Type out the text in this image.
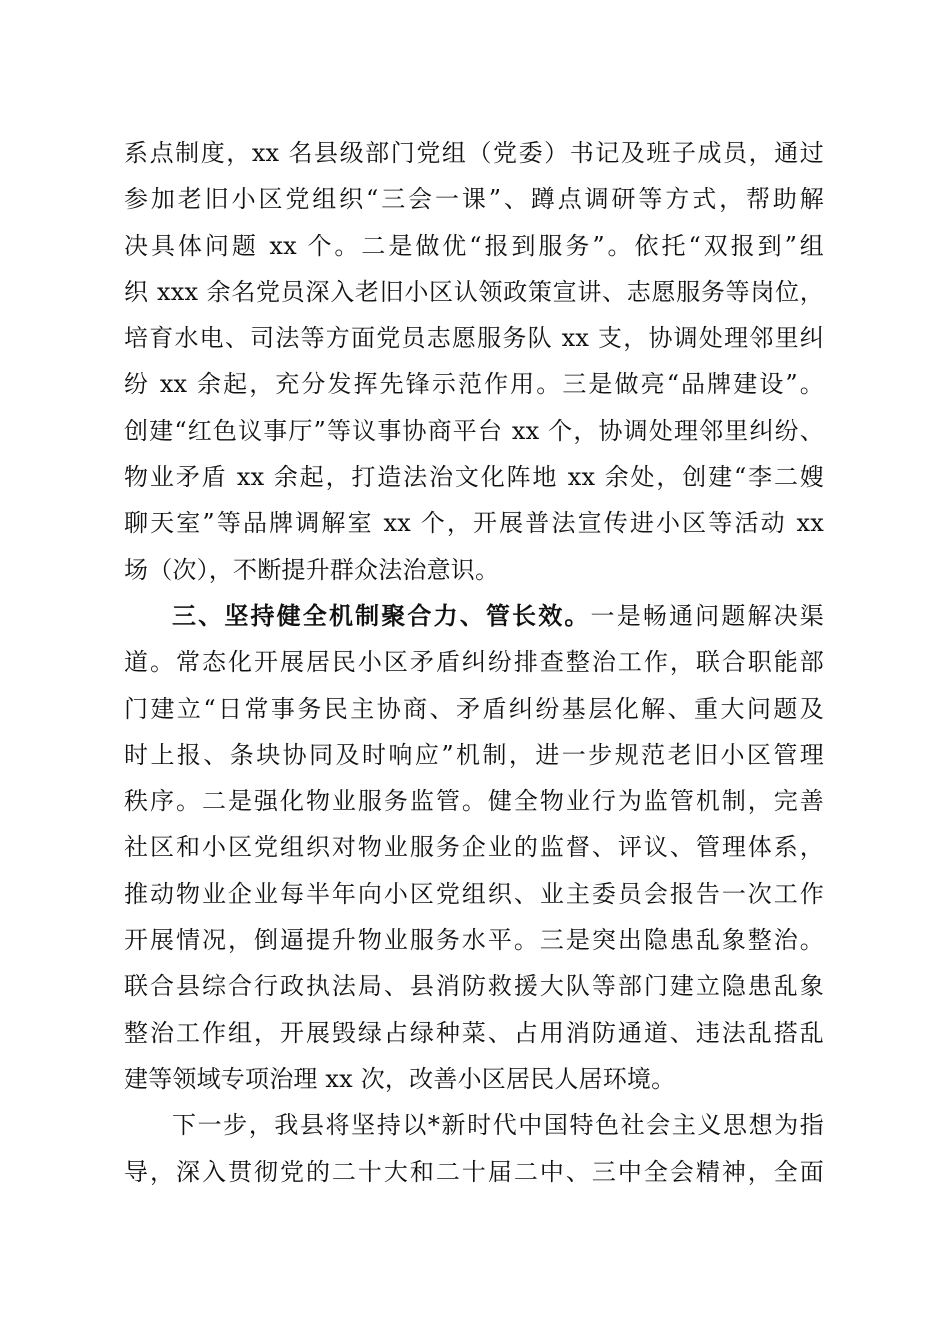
系点制度，xx 名县级部门党组（党委）书记及班子成员，通过
参加老旧小区党组织“三会一课”、蹲点调研等方式，帮助解
决具体问题 xx 个。二是做优“报到服务”。依托“双报到”组
织 xxx 余名党员深入老旧小区认领政策宣讲、志愿服务等岗位，
培育水电、司法等方面党员志愿服务队 xx 支，协调处理邻里纠
纷 xx 余起，充分发挥先锋示范作用。三是做亮“品牌建设”。
创建“红色议事厅”等议事协商平台 xx 个，协调处理邻里纠纷、
物业矛盾 xx 余起，打造法治文化阵地 xx 余处，创建“李二嫂
聊天室”等品牌调解室 xx 个，开展普法宣传进小区等活动 xx
场（次），不断提升群众法治意识。
三、坚持健全机制聚合力、管长效。一是畅通问题解决渠
道。常态化开展居民小区矛盾纠纷排查整治工作，联合职能部
门建立“日常事务民主协商、矛盾纠纷基层化解、重大问题及
时上报、条块协同及时响应”机制，进一步规范老旧小区管理
秩序。二是强化物业服务监管。健全物业行为监管机制，完善
社区和小区党组织对物业服务企业的监督、评议、管理体系，
推动物业企业每半年向小区党组织、业主委员会报告一次工作
开展情况，倒逼提升物业服务水平。三是突出隐患乱象整治。
联合县综合行政执法局、县消防救援大队等部门建立隐患乱象
整治工作组，开展毁绿占绿种菜、占用消防通道、违法乱搭乱
建等领域专项治理 xx 次，改善小区居民人居环境。
下一步，我县将坚持以*新时代中国特色社会主义思想为指
导，深入贯彻党的二十大和二十届二中、三中全会精神，全面
